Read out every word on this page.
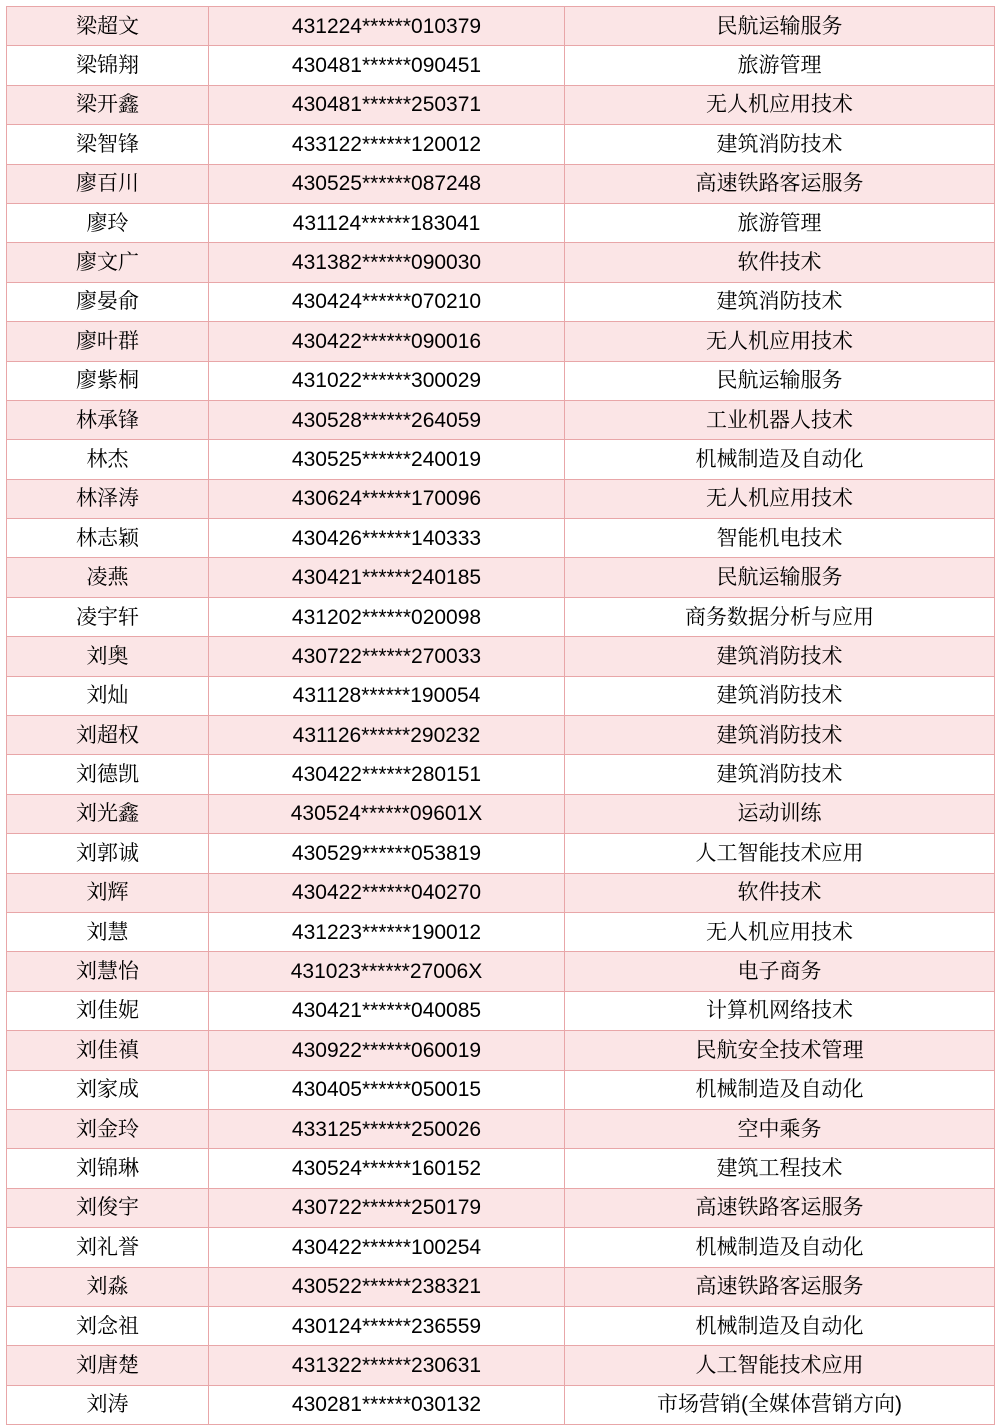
梁超文	431224******010379	民航运输服务
梁锦翔	430481******090451	旅游管理
梁开鑫	430481******250371	无人机应用技术
梁智锋	433122******120012	建筑消防技术
廖百川	430525******087248	高速铁路客运服务
廖玲	431124******183041	旅游管理
廖文广	431382******090030	软件技术
廖晏俞	430424******070210	建筑消防技术
廖叶群	430422******090016	无人机应用技术
廖紫桐	431022******300029	民航运输服务
林承锋	430528******264059	工业机器人技术
林杰	430525******240019	机械制造及自动化
林泽涛	430624******170096	无人机应用技术
林志颖	430426******140333	智能机电技术
凌燕	430421******240185	民航运输服务
凌宇轩	431202******020098	商务数据分析与应用
刘奥	430722******270033	建筑消防技术
刘灿	431128******190054	建筑消防技术
刘超权	431126******290232	建筑消防技术
刘德凯	430422******280151	建筑消防技术
刘光鑫	430524******09601X	运动训练
刘郭诚	430529******053819	人工智能技术应用
刘辉	430422******040270	软件技术
刘慧	431223******190012	无人机应用技术
刘慧怡	431023******27006X	电子商务
刘佳妮	430421******040085	计算机网络技术
刘佳禛	430922******060019	民航安全技术管理
刘家成	430405******050015	机械制造及自动化
刘金玲	433125******250026	空中乘务
刘锦琳	430524******160152	建筑工程技术
刘俊宇	430722******250179	高速铁路客运服务
刘礼誉	430422******100254	机械制造及自动化
刘淼	430522******238321	高速铁路客运服务
刘念祖	430124******236559	机械制造及自动化
刘唐楚	431322******230631	人工智能技术应用
刘涛	430281******030132	市场营销(全媒体营销方向)
